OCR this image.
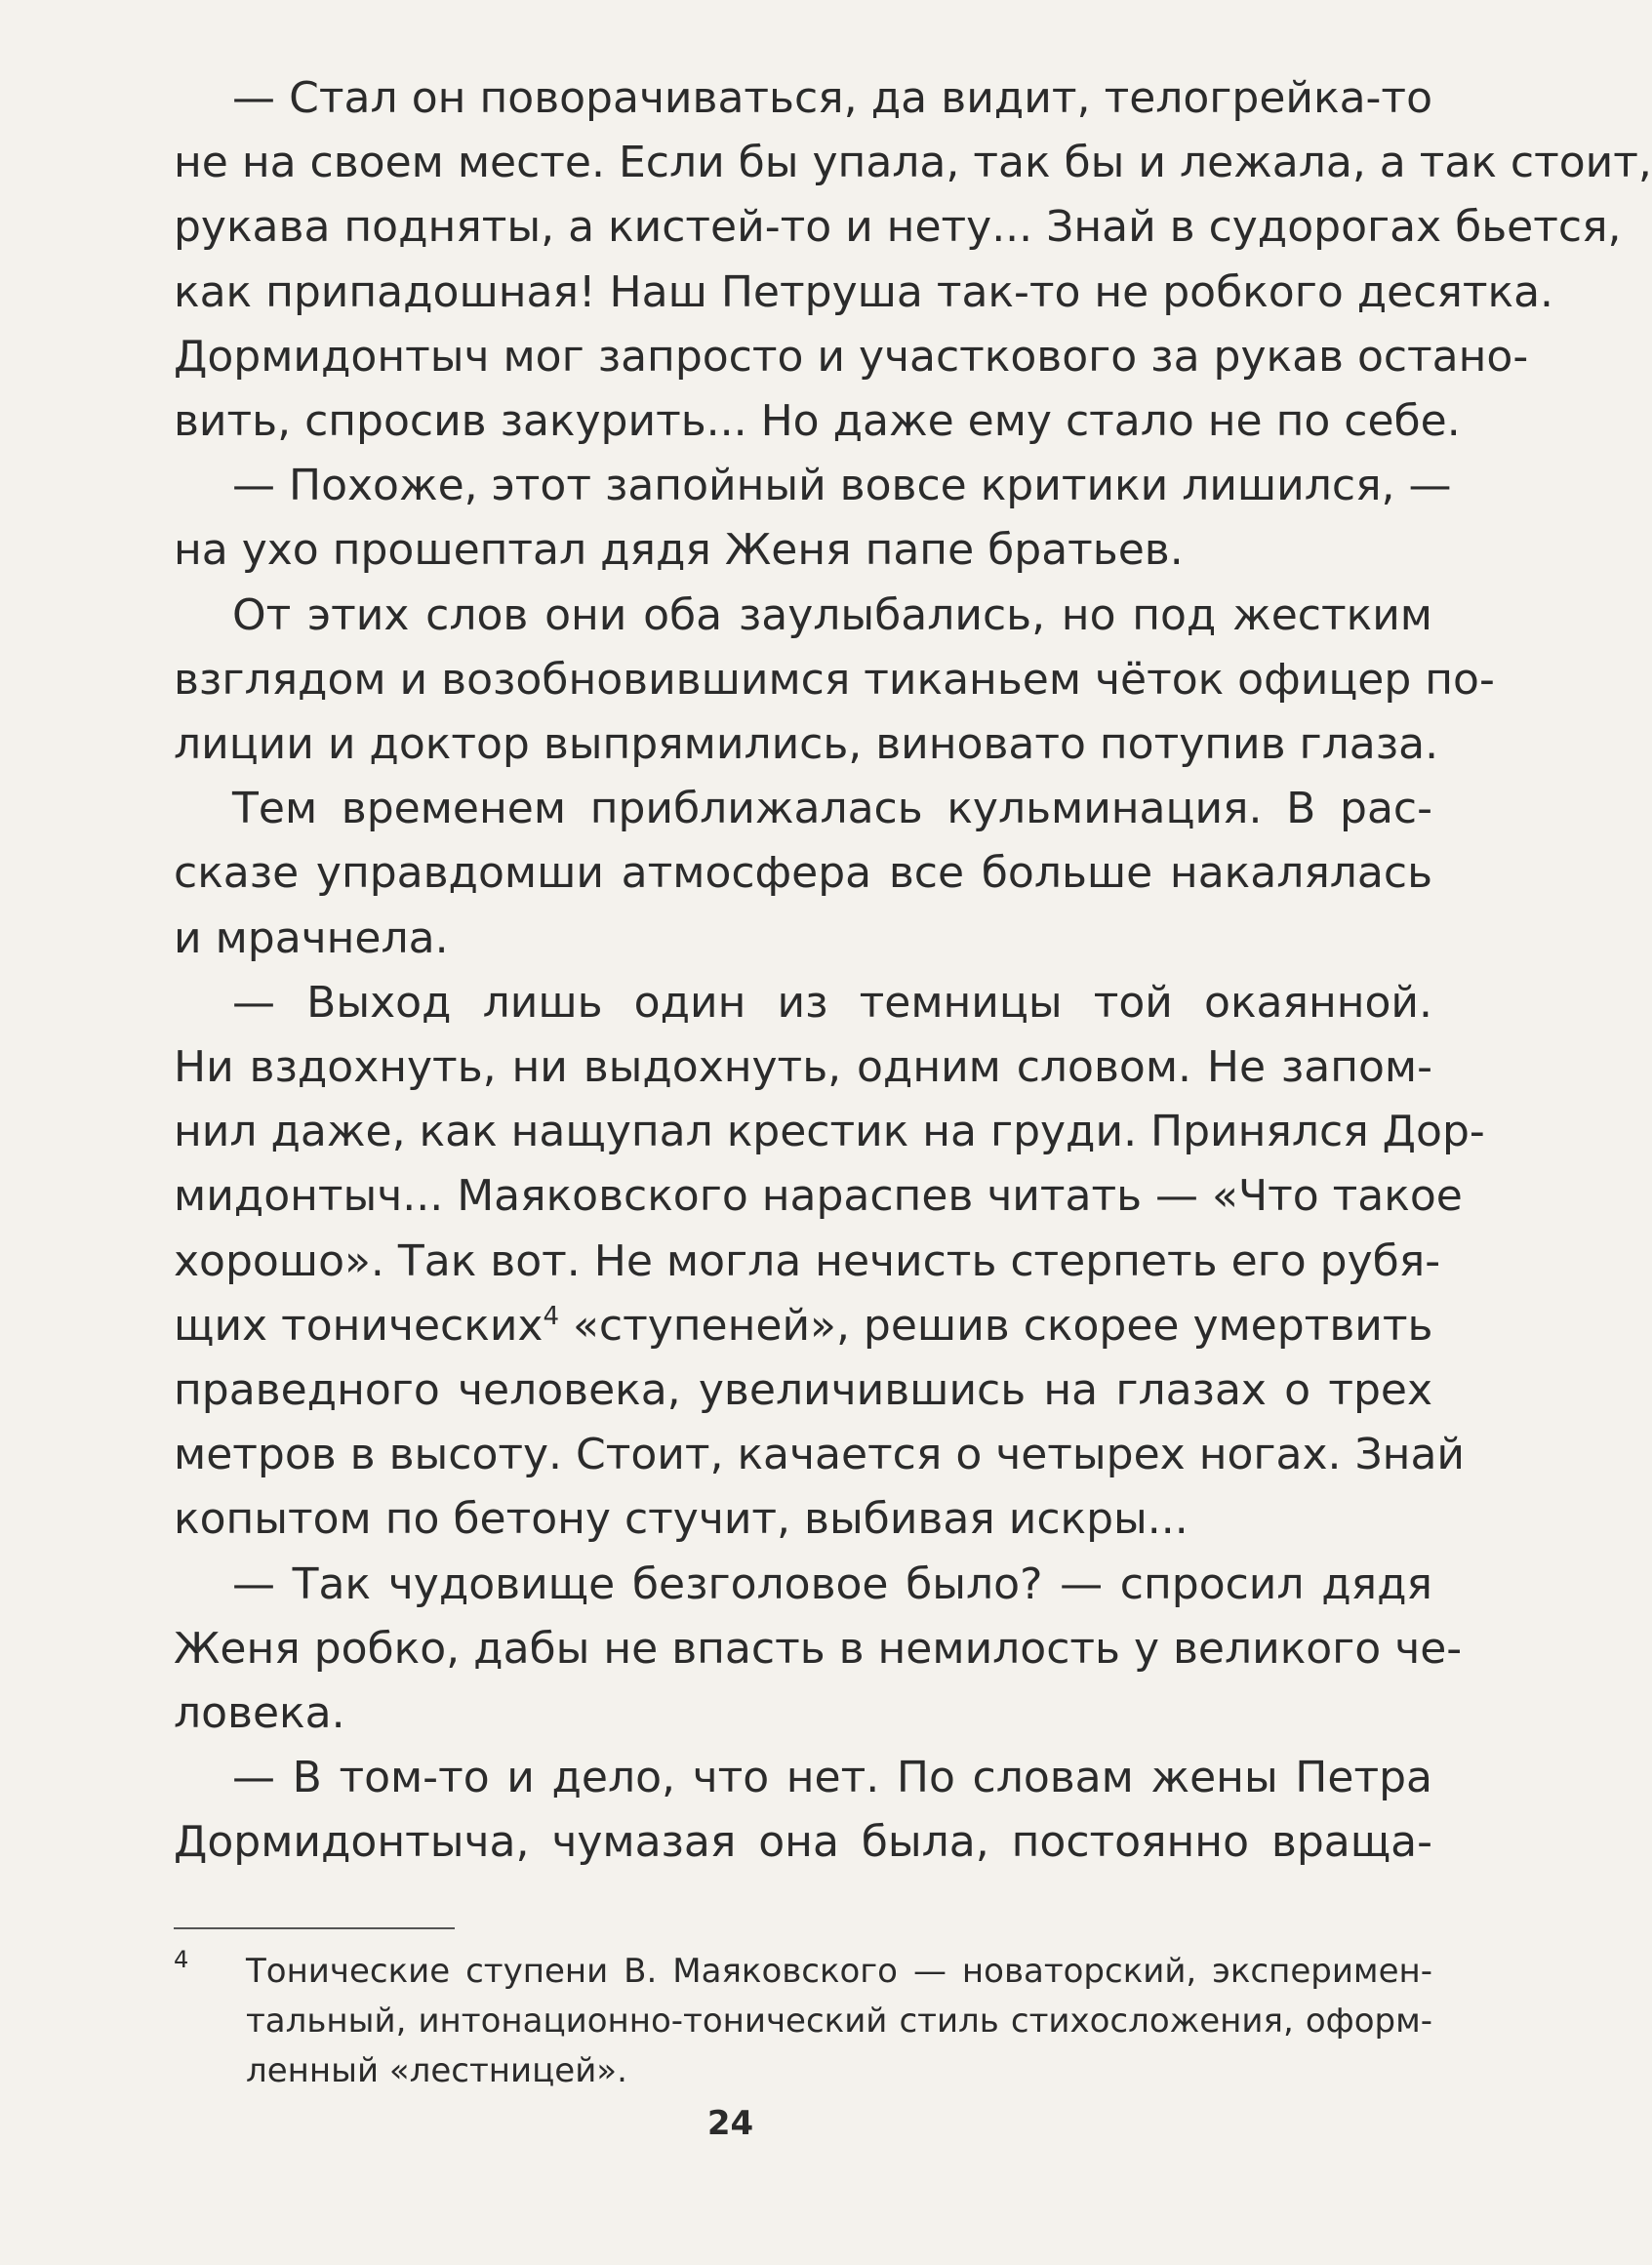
— Стал он поворачиваться, да видит, телогрейка-то
не на своем месте. Если бы упала, так бы и лежала, а так стоит,
рукава подняты, а кистей-то и нету... Знай в судорогах бьется,
как припадошная! Наш Петруша так-то не робкого десятка.
Дормидонтыч мог запросто и участкового за рукав остано-
вить, спросив закурить... Но даже ему стало не по себе.

— Похоже, этот запойный вовсе критики лишился, —
на ухо прошептал дядя Женя папе братьев.

От этих слов они оба заулыбались, но под жестким
взглядом и возобновившимся тиканьем чёток офицер по-
лиции и доктор выпрямились, виновато потупив глаза.

Тем временем приближалась кульминация. В рас-
сказе управдомши атмосфера все больше накалялась
и мрачнела.

— Выход лишь один из темницы той окаянной.
Ни вздохнуть, ни выдохнуть, одним словом. Не запом-
нил даже, как нащупал крестик на груди. Принялся Дор-
мидонтыч... Маяковского нараспев читать — «Что такое
хорошо». Так вот. Не могла нечисть стерпеть его рубя-
щих тонических$^4$ «ступеней», решив скорее умертвить
праведного человека, увеличившись на глазах о трех
метров в высоту. Стоит, качается о четырех ногах. Знай
копытом по бетону стучит, выбивая искры...

— Так чудовище безголовое было? — спросил дядя
Женя робко, дабы не впасть в немилость у великого че-
ловека.

— В том-то и дело, что нет. По словам жены Петра
Дормидонтыча, чумазая она была, постоянно враща-

4 Тонические ступени В. Маяковского — новаторский, эксперимен-
тальный, интонационно-тонический стиль стихосложения, оформ-
ленный «лестницей».
24
